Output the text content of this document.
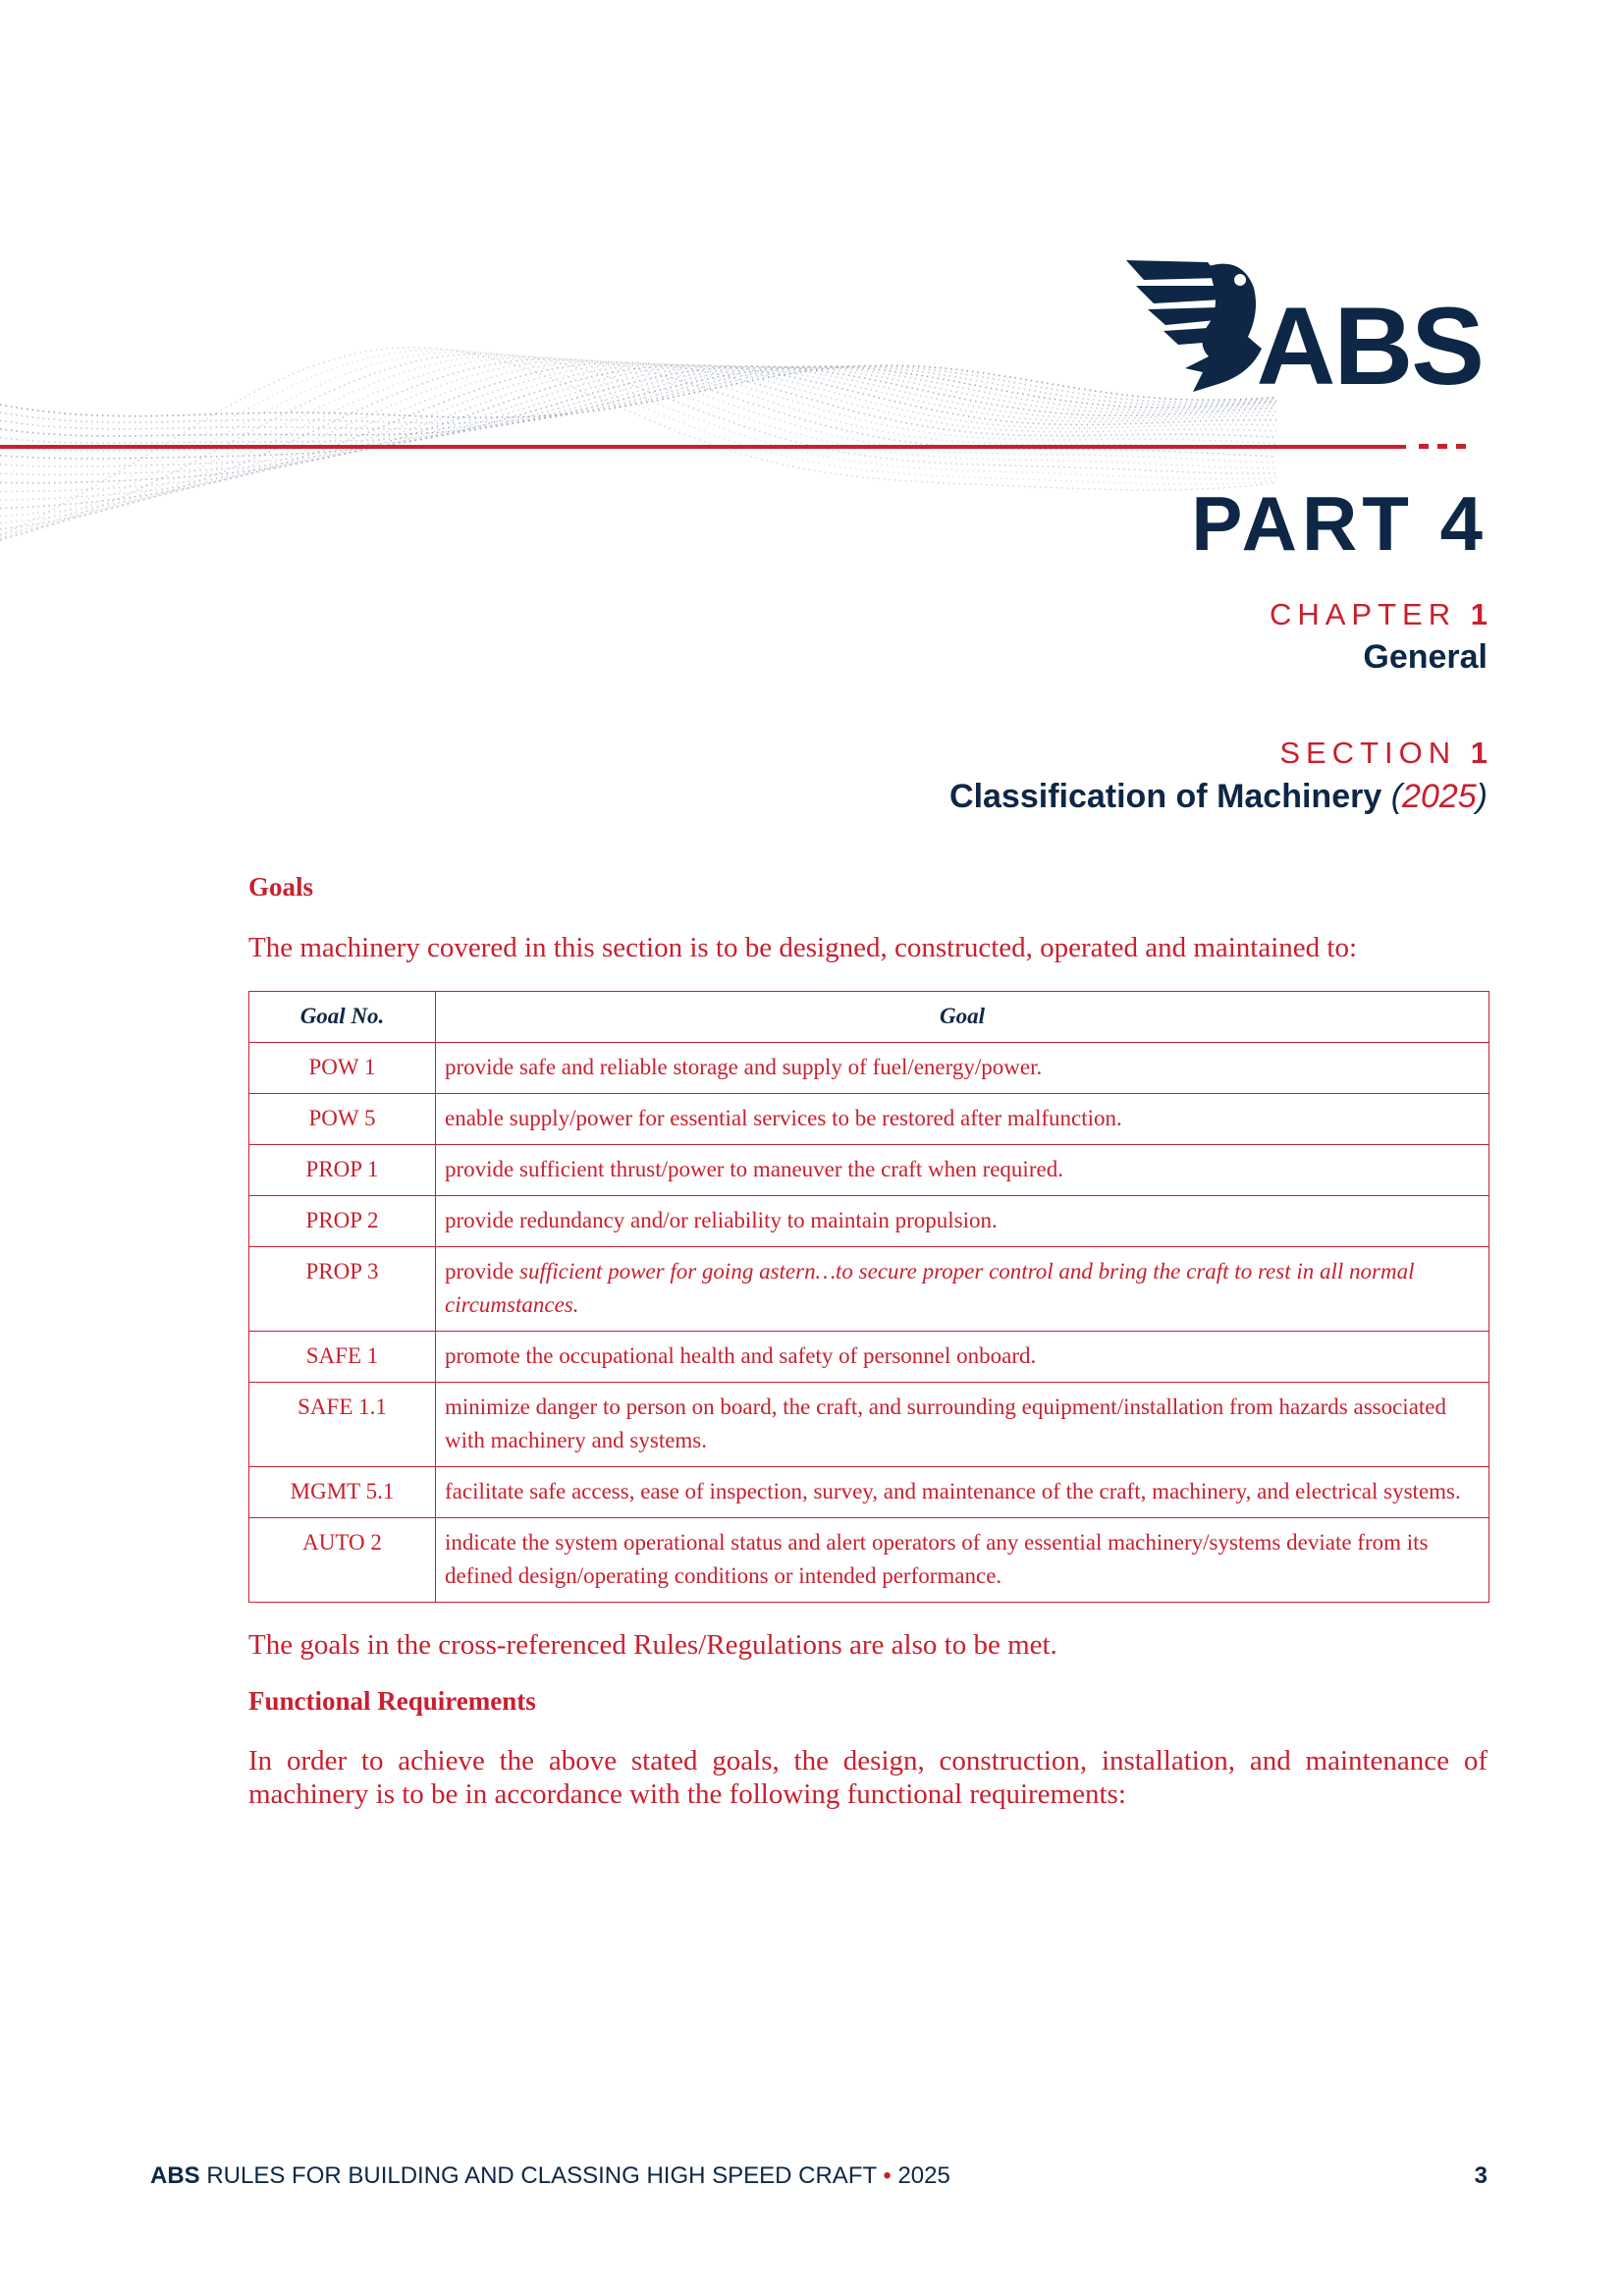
ABS
PART 4
CHAPTER 1
General
SECTION 1
Classification of Machinery (2025)

Goals

The machinery covered in this section is to be designed, constructed, operated and maintained to:

Goal No.	Goal
POW 1	provide safe and reliable storage and supply of fuel/energy/power.
POW 5	enable supply/power for essential services to be restored after malfunction.
PROP 1	provide sufficient thrust/power to maneuver the craft when required.
PROP 2	provide redundancy and/or reliability to maintain propulsion.
PROP 3	provide sufficient power for going astern…to secure proper control and bring the craft to rest in all normal circumstances.
SAFE 1	promote the occupational health and safety of personnel onboard.
SAFE 1.1	minimize danger to person on board, the craft, and surrounding equipment/installation from hazards associated with machinery and systems.
MGMT 5.1	facilitate safe access, ease of inspection, survey, and maintenance of the craft, machinery, and electrical systems.
AUTO 2	indicate the system operational status and alert operators of any essential machinery/systems deviate from its defined design/operating conditions or intended performance.

The goals in the cross-referenced Rules/Regulations are also to be met.

Functional Requirements

In order to achieve the above stated goals, the design, construction, installation, and maintenance of machinery is to be in accordance with the following functional requirements:

ABS RULES FOR BUILDING AND CLASSING HIGH SPEED CRAFT • 2025	3
